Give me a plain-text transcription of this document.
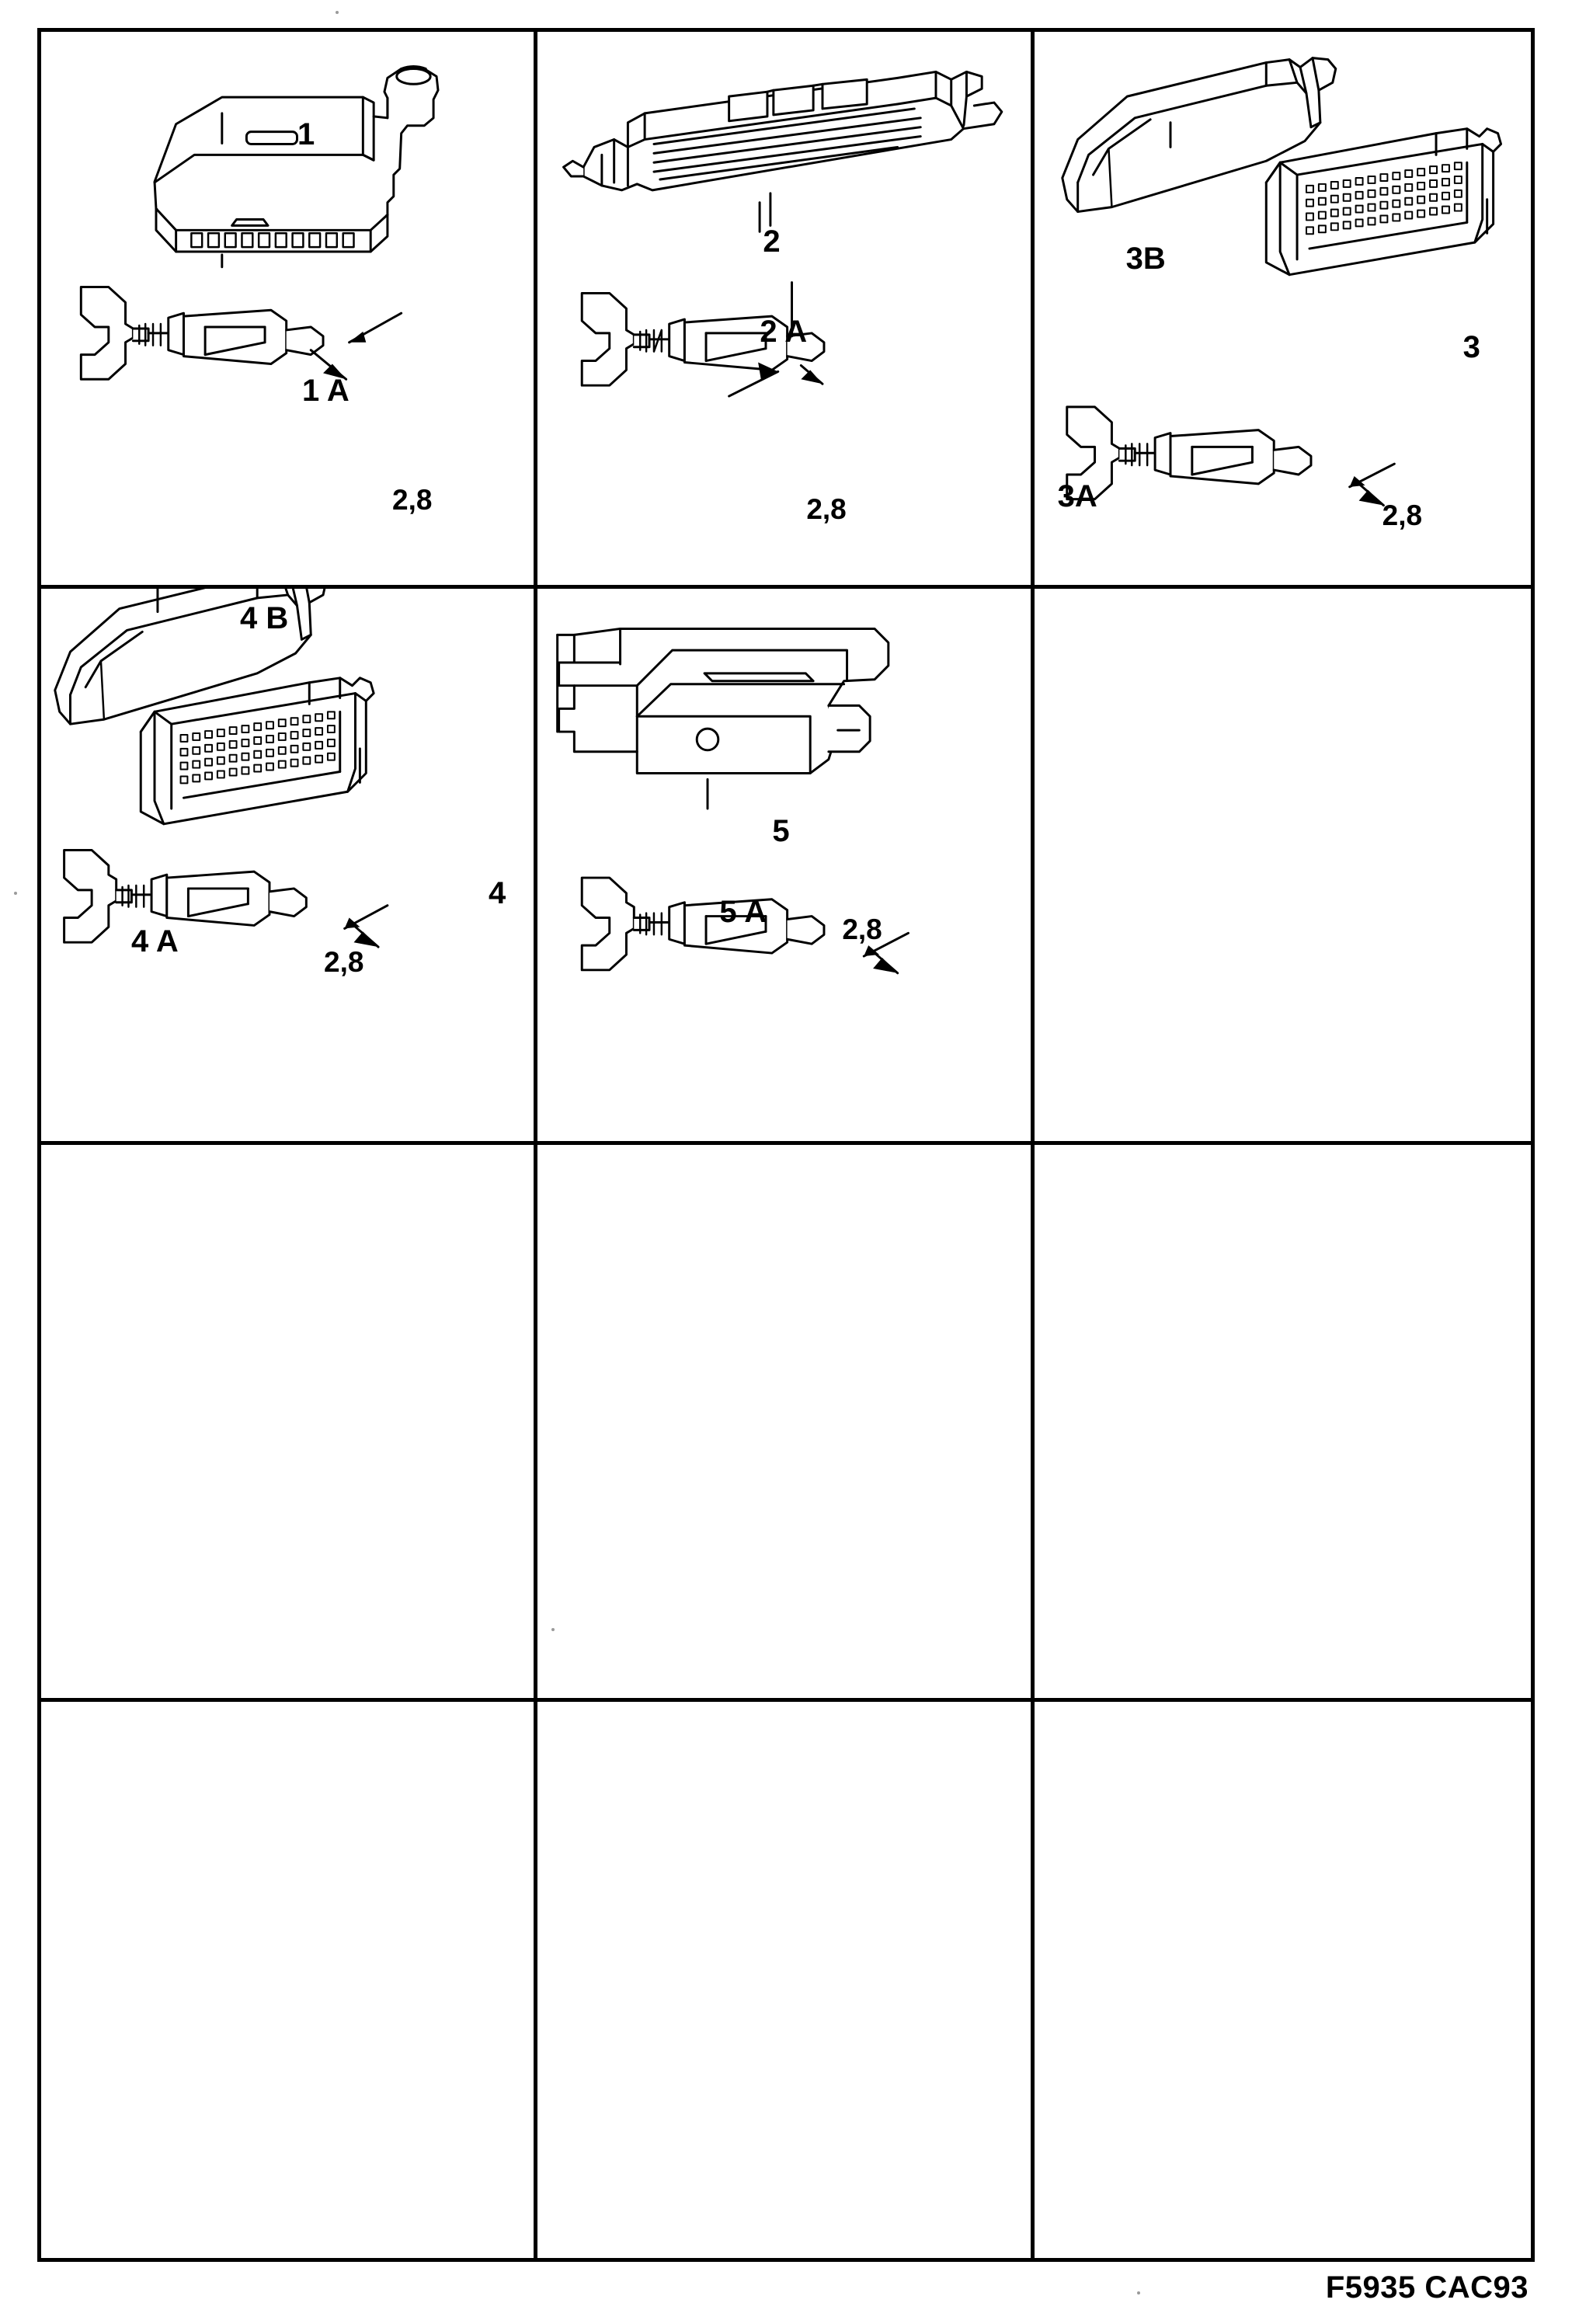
1
1 A
2,8
2
2 A
2,8
3B
3
3A
2,8
4 B
4
4 A
2,8
5
5 A
2,8
F5935 CAC93
